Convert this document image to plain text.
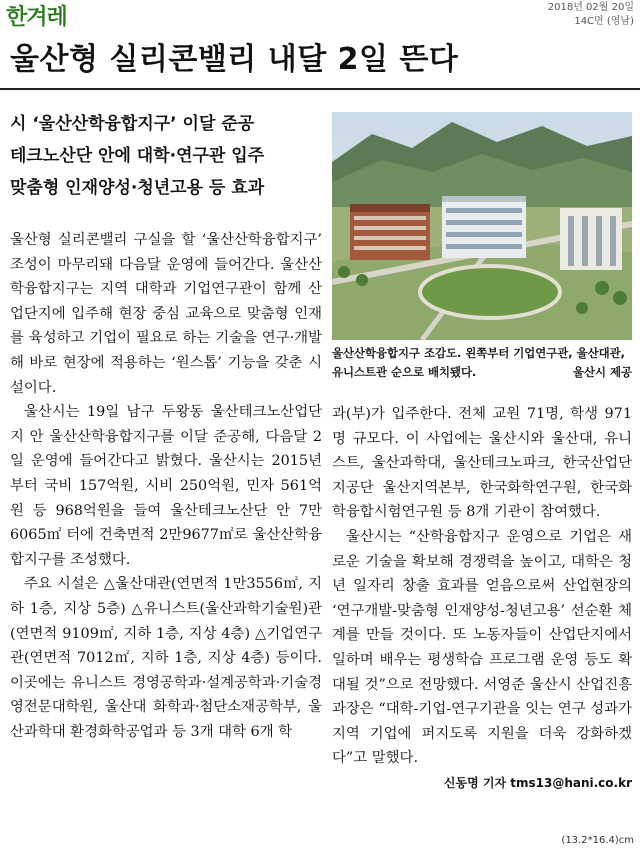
한겨레	2018년 02월 20일
14C면 (영남)
울산형 실리콘밸리 내달 2일 뜬다
시 ‘울산산학융합지구’ 이달 준공
테크노산단 안에 대학·연구관 입주
맞춤형 인재양성·청년고용 등 효과
울산산학융합지구 조감도. 왼쪽부터 기업연구관, 울산대관, 유니스트관 순으로 배치됐다.	울산시 제공

울산형 실리콘밸리 구실을 할 ‘울산산학융합지구’ 조성이 마무리돼 다음달 운영에 들어간다. 울산산학융합지구는 지역 대학과 기업연구관이 함께 산업단지에 입주해 현장 중심 교육으로 맞춤형 인재를 육성하고 기업이 필요로 하는 기술을 연구·개발해 바로 현장에 적용하는 ‘원스톱’ 기능을 갖춘 시설이다.

울산시는 19일 남구 두왕동 울산테크노산업단지 안 울산산학융합지구를 이달 준공해, 다음달 2일 운영에 들어간다고 밝혔다. 울산시는 2015년부터 국비 157억원, 시비 250억원, 민자 561억원 등 968억원을 들여 울산테크노산단 안 7만6065㎡ 터에 건축면적 2만9677㎡로 울산산학융합지구를 조성했다.

주요 시설은 △울산대관(연면적 1만3556㎡, 지하 1층, 지상 5층) △유니스트(울산과학기술원)관(연면적 9109㎡, 지하 1층, 지상 4층) △기업연구관(연면적 7012㎡, 지하 1층, 지상 4층) 등이다. 이곳에는 유니스트 경영공학과·설계공학과·기술경영전문대학원, 울산대 화학과·첨단소재공학부, 울산과학대 환경화학공업과 등 3개 대학 6개 학

과(부)가 입주한다. 전체 교원 71명, 학생 971명 규모다. 이 사업에는 울산시와 울산대, 유니스트, 울산과학대, 울산테크노파크, 한국산업단지공단 울산지역본부, 한국화학연구원, 한국화학융합시험연구원 등 8개 기관이 참여했다.

울산시는 “산학융합지구 운영으로 기업은 새로운 기술을 확보해 경쟁력을 높이고, 대학은 청년 일자리 창출 효과를 얻음으로써 산업현장의 ‘연구개발-맞춤형 인재양성-청년고용’ 선순환 체계를 만들 것이다. 또 노동자들이 산업단지에서 일하며 배우는 평생학습 프로그램 운영 등도 확대될 것”으로 전망했다. 서영준 울산시 산업진흥과장은 “대학-기업-연구기관을 잇는 연구 성과가 지역 기업에 퍼지도록 지원을 더욱 강화하겠다”고 말했다.

신동명 기자 tms13@hani.co.kr
(13.2*16.4)cm
